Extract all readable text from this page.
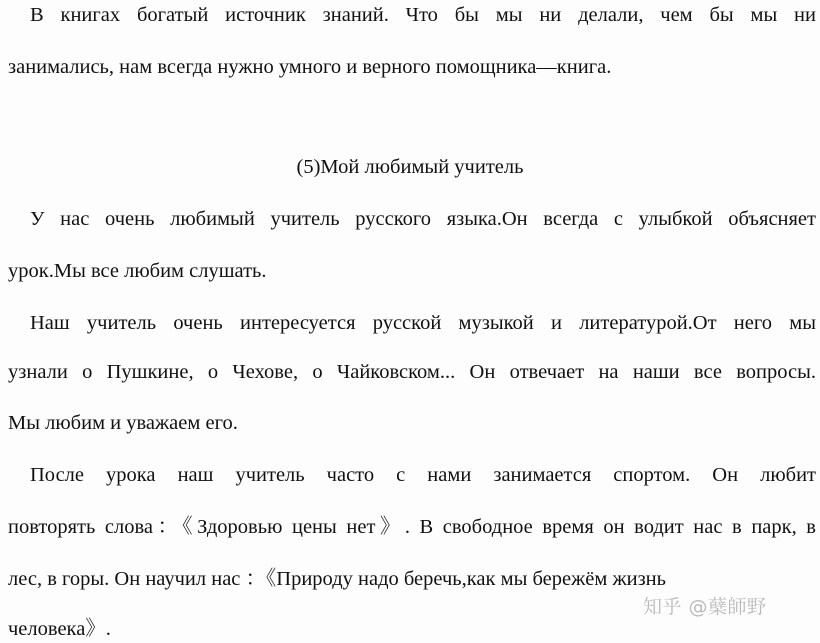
В книгах богатый источник знаний. Что бы мы ни делали, чем бы мы ни
занимались, нам всегда нужно умного и верного помощника—книга.
(5)Мой любимый учитель
У нас очень любимый учитель русского языка.Он всегда с улыбкой объясняет
урок.Мы все любим слушать.
Наш учитель очень интересуется русской музыкой и литературой.От него мы
узнали о Пушкине, о Чехове, о Чайковском... Он отвечает на наши все вопросы.
Мы любим и уважаем его.
После урока наш учитель часто с нами занимается спортом. Он любит
повторять слова：《Здоровью цены нет》. В свободное время он водит нас в парк, в
лес, в горы. Он научил нас ：《Природу надо беречь,как мы бережём жизнь
человека》.
知乎 @蘖師野
